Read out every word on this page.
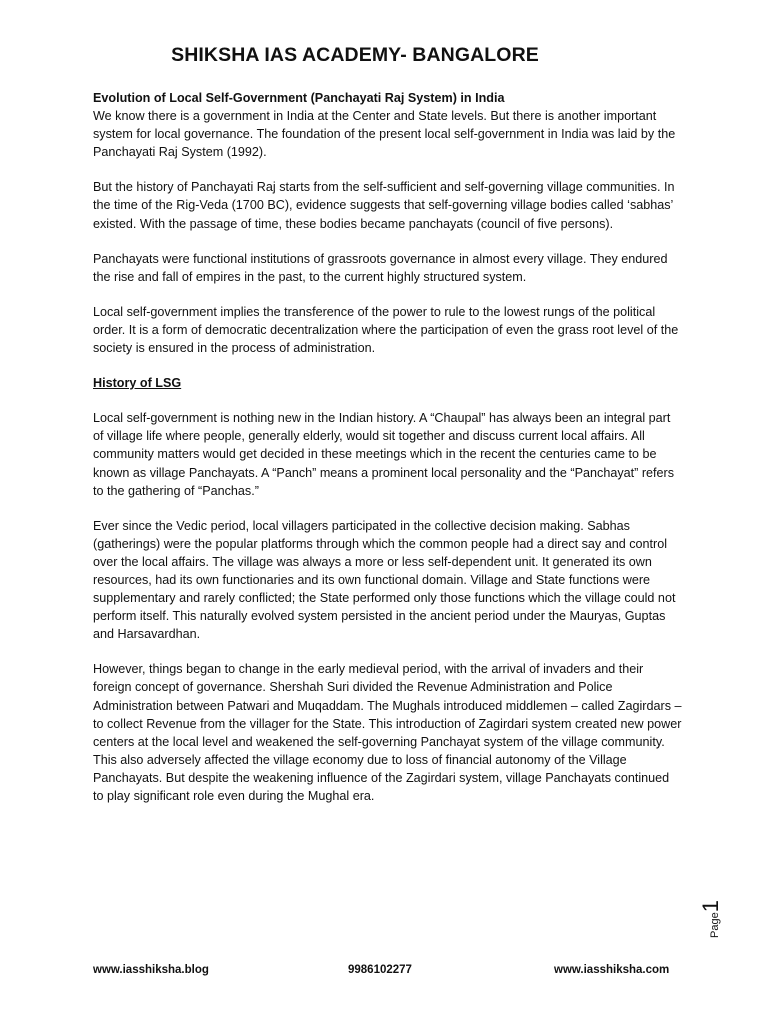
SHIKSHA IAS ACADEMY- BANGALORE

Evolution of Local Self-Government (Panchayati Raj System) in India

We know there is a government in India at the Center and State levels. But there is another important system for local governance. The foundation of the present local self-government in India was laid by the Panchayati Raj System (1992).

But the history of Panchayati Raj starts from the self-sufficient and self-governing village communities. In the time of the Rig-Veda (1700 BC), evidence suggests that self-governing village bodies called ‘sabhas’ existed. With the passage of time, these bodies became panchayats (council of five persons).

Panchayats were functional institutions of grassroots governance in almost every village. They endured the rise and fall of empires in the past, to the current highly structured system.

Local self-government implies the transference of the power to rule to the lowest rungs of the political order. It is a form of democratic decentralization where the participation of even the grass root level of the society is ensured in the process of administration.

History of LSG

Local self-government is nothing new in the Indian history. A “Chaupal” has always been an integral part of village life where people, generally elderly, would sit together and discuss current local affairs. All community matters would get decided in these meetings which in the recent the centuries came to be known as village Panchayats. A “Panch” means a prominent local personality and the “Panchayat” refers to the gathering of “Panchas.”

Ever since the Vedic period, local villagers participated in the collective decision making. Sabhas (gatherings) were the popular platforms through which the common people had a direct say and control over the local affairs. The village was always a more or less self-dependent unit. It generated its own resources, had its own functionaries and its own functional domain. Village and State functions were supplementary and rarely conflicted; the State performed only those functions which the village could not perform itself. This naturally evolved system persisted in the ancient period under the Mauryas, Guptas and Harsavardhan.

However, things began to change in the early medieval period, with the arrival of invaders and their foreign concept of governance. Shershah Suri divided the Revenue Administration and Police Administration between Patwari and Muqaddam. The Mughals introduced middlemen – called Zagirdars – to collect Revenue from the villager for the State. This introduction of Zagirdari system created new power centers at the local level and weakened the self-governing Panchayat system of the village community. This also adversely affected the village economy due to loss of financial autonomy of the Village Panchayats. But despite the weakening influence of the Zagirdari system, village Panchayats continued to play significant role even during the Mughal era.

Page1
www.iasshiksha.blog	9986102277	www.iasshiksha.com
